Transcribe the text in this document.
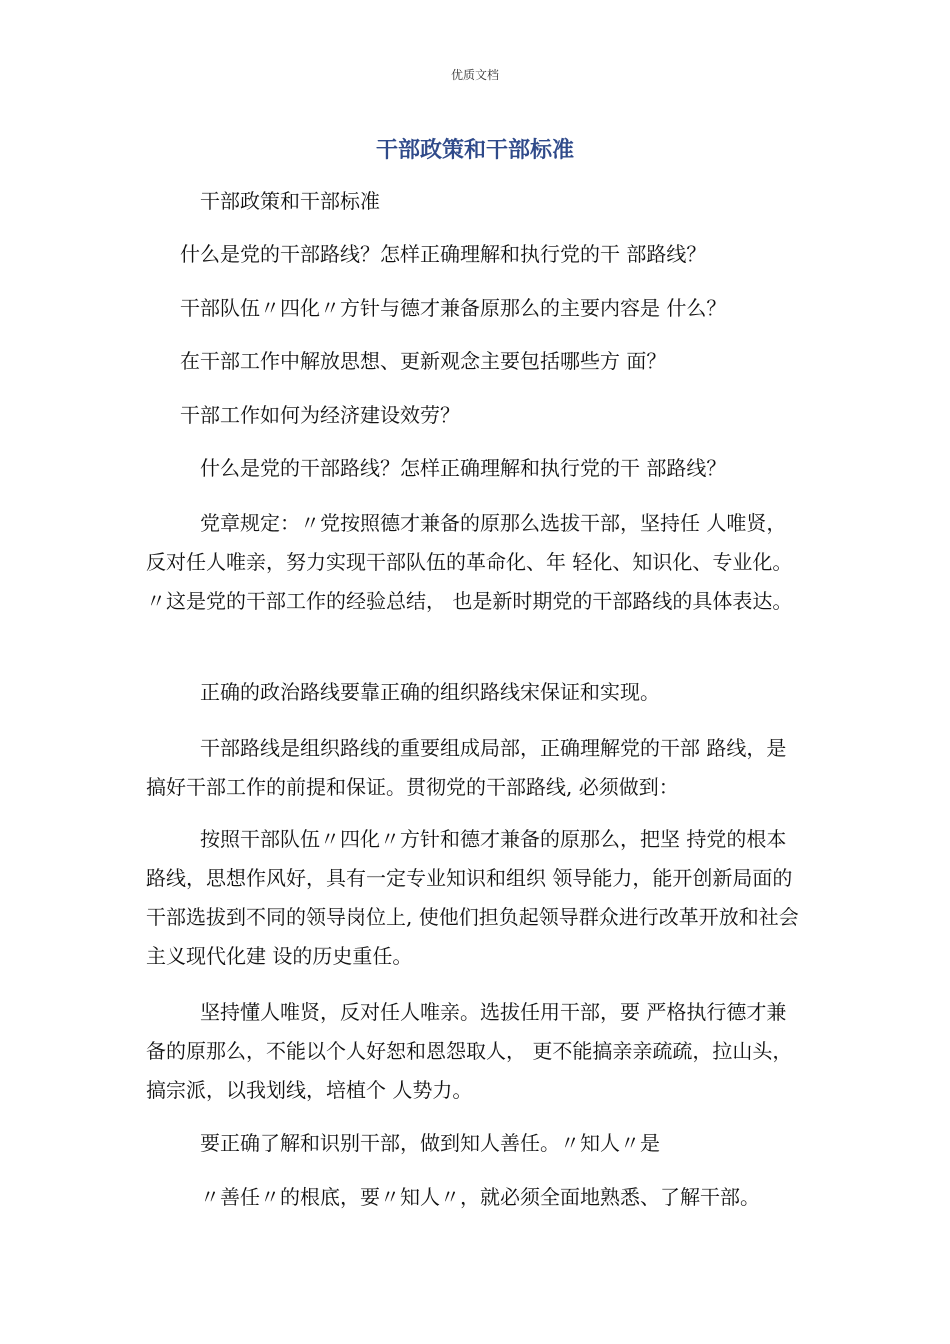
优质文档
干部政策和干部标准
干部政策和干部标准
什么是党的干部路线？怎样正确理解和执行党的干 部路线？
干部队伍〃四化〃方针与德才兼备原那么的主要内容是 什么？
在干部工作中解放思想、更新观念主要包括哪些方 面？
干部工作如何为经济建设效劳？
什么是党的干部路线？怎样正确理解和执行党的干 部路线？

党章规定：〃党按照德才兼备的原那么选拔干部，坚持任 人唯贤，反对任人唯亲，努力实现干部队伍的革命化、年 轻化、知识化、专业化。〃这是党的干部工作的经验总结， 也是新时期党的干部路线的具体表达。

正确的政治路线要靠正确的组织路线宋保证和实现。

干部路线是组织路线的重要组成局部，正确理解党的干部 路线，是搞好干部工作的前提和保证。贯彻党的干部路线, 必须做到：

按照干部队伍〃四化〃方针和德才兼备的原那么，把坚 持党的根本路线，思想作风好，具有一定专业知识和组织 领导能力，能开创新局面的干部选拔到不同的领导岗位上, 使他们担负起领导群众进行改革开放和社会主义现代化建 设的历史重任。

坚持懂人唯贤，反对任人唯亲。选拔任用干部，要 严格执行德才兼备的原那么，不能以个人好恕和恩怨取人， 更不能搞亲亲疏疏，拉山头，搞宗派，以我划线，培植个 人势力。

要正确了解和识别干部，做到知人善任。〃知人〃是

〃善任〃的根底，要〃知人〃，就必须全面地熟悉、了解干部。
